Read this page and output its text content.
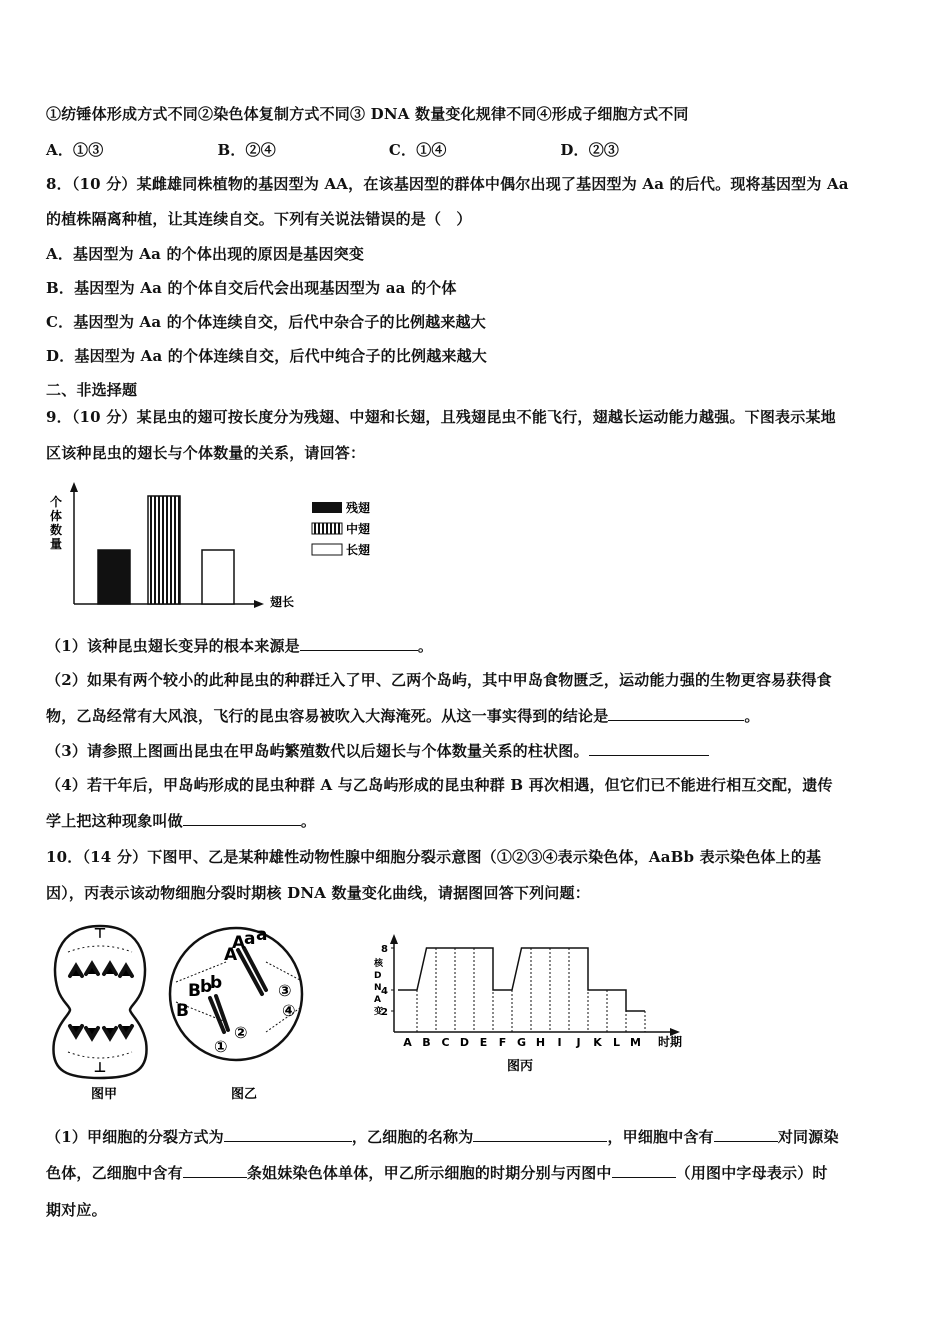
①纺锤体形成方式不同②染色体复制方式不同③ DNA 数量变化规律不同④形成子细胞方式不同
A．①③	B．②④	C．①④	D．②③
8．（10 分）某雌雄同株植物的基因型为 AA，在该基因型的群体中偶尔出现了基因型为 Aa 的后代。现将基因型为 Aa
的植株隔离种植，让其连续自交。下列有关说法错误的是（　）
A．基因型为 Aa 的个体出现的原因是基因突变
B．基因型为 Aa 的个体自交后代会出现基因型为 aa 的个体
C．基因型为 Aa 的个体连续自交，后代中杂合子的比例越来越大
D．基因型为 Aa 的个体连续自交，后代中纯合子的比例越来越大
二、非选择题
9．（10 分）某昆虫的翅可按长度分为残翅、中翅和长翅，且残翅昆虫不能飞行，翅越长运动能力越强。下图表示某地
区该种昆虫的翅长与个体数量的关系，请回答：
个
体
数
量
翅长
残翅
中翅
长翅
（1）该种昆虫翅长变异的根本来源是	。
（2）如果有两个较小的此种昆虫的种群迁入了甲、乙两个岛屿，其中甲岛食物匮乏，运动能力强的生物更容易获得食
物，乙岛经常有大风浪，飞行的昆虫容易被吹入大海淹死。从这一事实得到的结论是	。
（3）请参照上图画出昆虫在甲岛屿繁殖数代以后翅长与个体数量关系的柱状图。
（4）若干年后，甲岛屿形成的昆虫种群 A 与乙岛屿形成的昆虫种群 B 再次相遇，但它们已不能进行相互交配，遗传
学上把这种现象叫做	。
10．（14 分）下图甲、乙是某种雄性动物性腺中细胞分裂示意图（①②③④表示染色体，AaBb 表示染色体上的基
因），丙表示该动物细胞分裂时期核 DNA 数量变化曲线，请据图回答下列问题：
⊤
⊥
图甲
A
A
a a
B b
b
B
①
②
③
④
图乙
A B C D E F G H I J K L M
2
4
8
核
D
N
A
变
时期
图丙
（1）甲细胞的分裂方式为	，乙细胞的名称为	，甲细胞中含有	对同源染
色体，乙细胞中含有	条姐妹染色体单体，甲乙所示细胞的时期分别与丙图中	（用图中字母表示）时
期对应。
